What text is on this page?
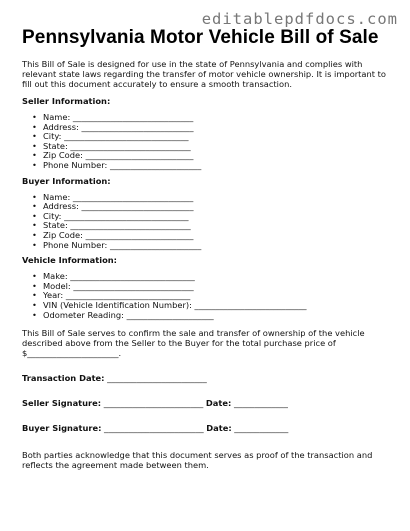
editablepdfdocs.com
Pennsylvania Motor Vehicle Bill of Sale

This Bill of Sale is designed for use in the state of Pennsylvania and complies with relevant state laws regarding the transfer of motor vehicle ownership. It is important to fill out this document accurately to ensure a smooth transaction.

Seller Information:

• Name: _____________________________
• Address: ___________________________
• City: ______________________________
• State: _____________________________
• Zip Code: __________________________
• Phone Number: ______________________

Buyer Information:

• Name: _____________________________
• Address: ___________________________
• City: ______________________________
• State: _____________________________
• Zip Code: __________________________
• Phone Number: ______________________

Vehicle Information:

• Make: ______________________________
• Model: _____________________________
• Year: ______________________________
• VIN (Vehicle Identification Number): ___________________________
• Odometer Reading: _____________________

This Bill of Sale serves to confirm the sale and transfer of ownership of the vehicle described above from the Seller to the Buyer for the total purchase price of $______________________.

Transaction Date: ________________________
Seller Signature: ________________________ Date: _____________
Buyer Signature: ________________________ Date: _____________

Both parties acknowledge that this document serves as proof of the transaction and reflects the agreement made between them.
